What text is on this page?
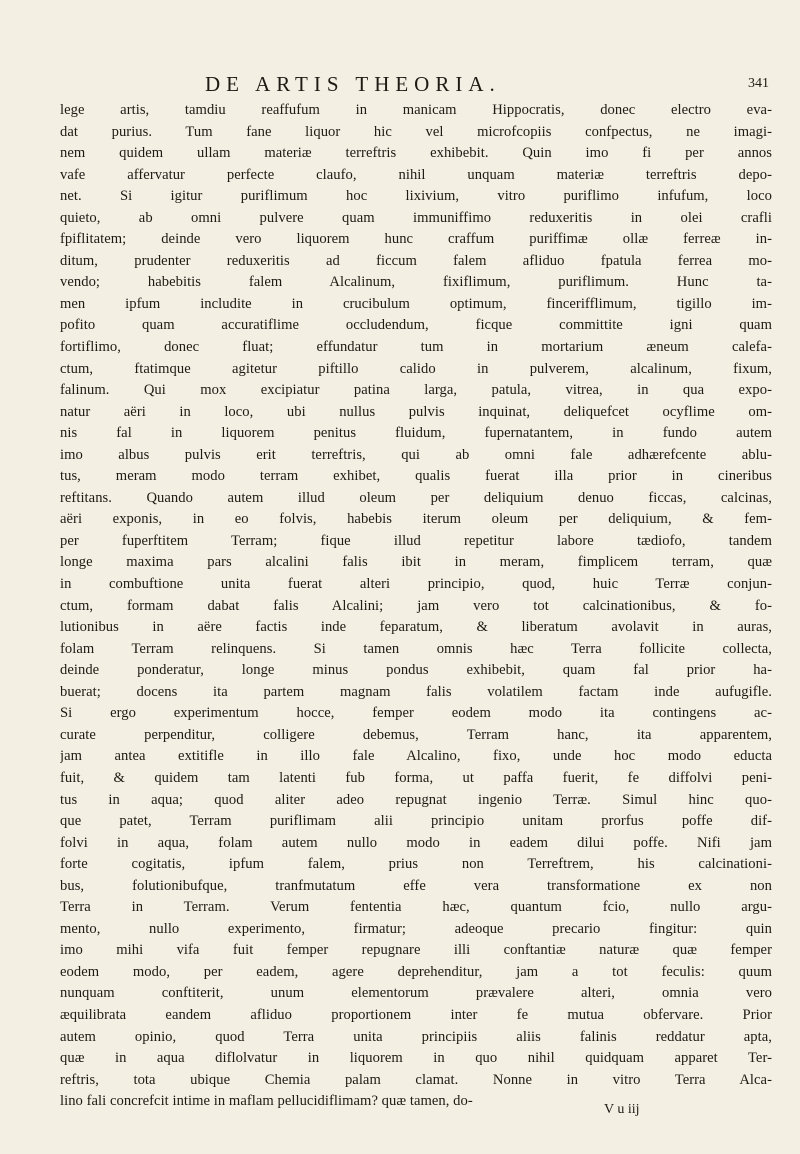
DE ARTIS THEORIA.	341
lege artis, tamdiu reaffufum in manicam Hippocratis, donec electro eva-
dat purius. Tum fane liquor hic vel microfcopiis confpectus, ne imagi-
nem quidem ullam materiæ terreftris exhibebit. Quin imo fi per annos
vafe affervatur perfecte claufo, nihil unquam materiæ terreftris depo-
net. Si igitur puriflimum hoc lixivium, vitro puriflimo infufum, loco
quieto, ab omni pulvere quam immuniffimo reduxeritis in olei crafli
fpiflitatem; deinde vero liquorem hunc craffum puriffimæ ollæ ferreæ in-
ditum, prudenter reduxeritis ad ficcum falem afliduo fpatula ferrea mo-
vendo; habebitis falem Alcalinum, fixiflimum, puriflimum. Hunc ta-
men ipfum includite in crucibulum optimum, fincerifflimum, tigillo im-
pofito quam accuratiflime occludendum, ficque committite igni quam
fortiflimo, donec fluat; effundatur tum in mortarium æneum calefa-
ctum, ftatimque agitetur piftillo calido in pulverem, alcalinum, fixum,
falinum. Qui mox excipiatur patina larga, patula, vitrea, in qua expo-
natur aëri in loco, ubi nullus pulvis inquinat, deliquefcet ocyflime om-
nis fal in liquorem penitus fluidum, fupernatantem, in fundo autem
imo albus pulvis erit terreftris, qui ab omni fale adhærefcente ablu-
tus, meram modo terram exhibet, qualis fuerat illa prior in cineribus
reftitans. Quando autem illud oleum per deliquium denuo ficcas, calcinas,
aëri exponis, in eo folvis, habebis iterum oleum per deliquium, & fem-
per fuperftitem Terram; fique illud repetitur labore tædiofo, tandem
longe maxima pars alcalini falis ibit in meram, fimplicem terram, quæ
in combuftione unita fuerat alteri principio, quod, huic Terræ conjun-
ctum, formam dabat falis Alcalini; jam vero tot calcinationibus, & fo-
lutionibus in aëre factis inde feparatum, & liberatum avolavit in auras,
folam Terram relinquens. Si tamen omnis hæc Terra follicite collecta,
deinde ponderatur, longe minus pondus exhibebit, quam fal prior ha-
buerat; docens ita partem magnam falis volatilem factam inde aufugifle.
Si ergo experimentum hocce, femper eodem modo ita contingens ac-
curate perpenditur, colligere debemus, Terram hanc, ita apparentem,
jam antea extitifle in illo fale Alcalino, fixo, unde hoc modo educta
fuit, & quidem tam latenti fub forma, ut paffa fuerit, fe diffolvi peni-
tus in aqua; quod aliter adeo repugnat ingenio Terræ. Simul hinc quo-
que patet, Terram puriflimam alii principio unitam prorfus poffe dif-
folvi in aqua, folam autem nullo modo in eadem dilui poffe. Nifi jam
forte cogitatis, ipfum falem, prius non Terreftrem, his calcinationi-
bus, folutionibufque, tranfmutatum effe vera transformatione ex non
Terra in Terram. Verum fententia hæc, quantum fcio, nullo argu-
mento, nullo experimento, firmatur; adeoque precario fingitur: quin
imo mihi vifa fuit femper repugnare illi conftantiæ naturæ quæ femper
eodem modo, per eadem, agere deprehenditur, jam a tot feculis: quum
nunquam conftiterit, unum elementorum prævalere alteri, omnia vero
æquilibrata eandem afliduo proportionem inter fe mutua obfervare. Prior
autem opinio, quod Terra unita principiis aliis falinis reddatur apta,
quæ in aqua diflolvatur in liquorem in quo nihil quidquam apparet Ter-
reftris, tota ubique Chemia palam clamat. Nonne in vitro Terra Alca-
lino fali concrefcit intime in maflam pellucidiflimam? quæ tamen, do-
V u iij
